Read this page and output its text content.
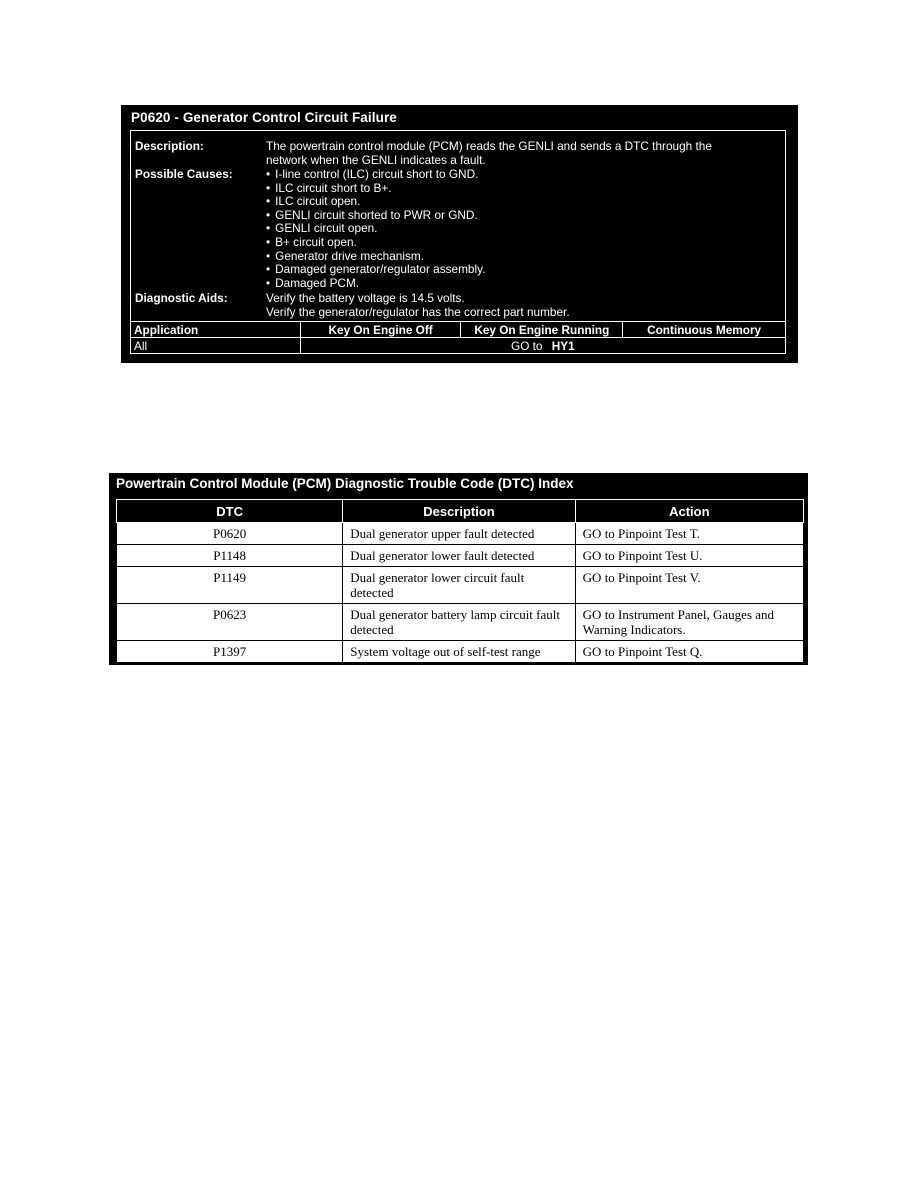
P0620 - Generator Control Circuit Failure
Description:	The powertrain control module (PCM) reads the GENLI and sends a DTC through the
network when the GENLI indicates a fault.
Possible Causes:	• I-line control (ILC) circuit short to GND.
• ILC circuit short to B+.
• ILC circuit open.
• GENLI circuit shorted to PWR or GND.
• GENLI circuit open.
• B+ circuit open.
• Generator drive mechanism.
• Damaged generator/regulator assembly.
• Damaged PCM.
Diagnostic Aids:	Verify the battery voltage is 14.5 volts.
Verify the generator/regulator has the correct part number.
Application	Key On Engine Off	Key On Engine Running	Continuous Memory
All	GO to HY1		
Powertrain Control Module (PCM) Diagnostic Trouble Code (DTC) Index
DTC	Description	Action
P0620	Dual generator upper fault detected	GO to Pinpoint Test T.
P1148	Dual generator lower fault detected	GO to Pinpoint Test U.
P1149	Dual generator lower circuit fault detected	GO to Pinpoint Test V.
P0623	Dual generator battery lamp circuit fault detected	GO to Instrument Panel, Gauges and Warning Indicators.
P1397	System voltage out of self-test range	GO to Pinpoint Test Q.
